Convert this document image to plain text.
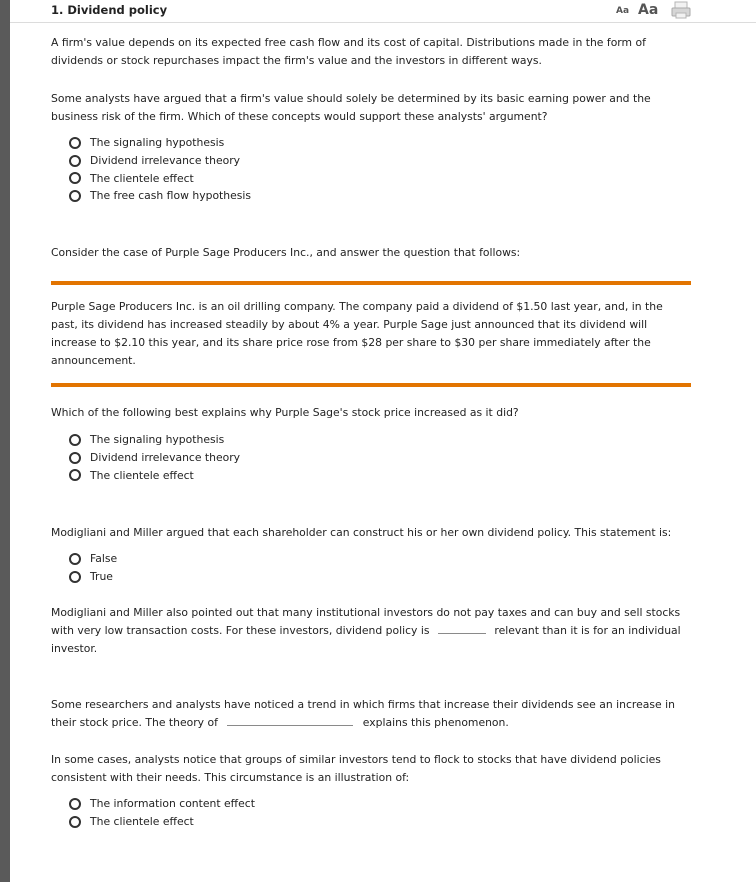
1. Dividend policy	Aa Aa
A firm's value depends on its expected free cash flow and its cost of capital. Distributions made in the form of dividends or stock repurchases impact the firm's value and the investors in different ways.
Some analysts have argued that a firm's value should solely be determined by its basic earning power and the business risk of the firm. Which of these concepts would support these analysts' argument?
The signaling hypothesis
Dividend irrelevance theory
The clientele effect
The free cash flow hypothesis
Consider the case of Purple Sage Producers Inc., and answer the question that follows:
Purple Sage Producers Inc. is an oil drilling company. The company paid a dividend of $1.50 last year, and, in the past, its dividend has increased steadily by about 4% a year. Purple Sage just announced that its dividend will increase to $2.10 this year, and its share price rose from $28 per share to $30 per share immediately after the announcement.
Which of the following best explains why Purple Sage's stock price increased as it did?
The signaling hypothesis
Dividend irrelevance theory
The clientele effect
Modigliani and Miller argued that each shareholder can construct his or her own dividend policy. This statement is:
False
True
Modigliani and Miller also pointed out that many institutional investors do not pay taxes and can buy and sell stocks with very low transaction costs. For these investors, dividend policy is	relevant than it is for an individual investor.
Some researchers and analysts have noticed a trend in which firms that increase their dividends see an increase in their stock price. The theory of	explains this phenomenon.
In some cases, analysts notice that groups of similar investors tend to flock to stocks that have dividend policies consistent with their needs. This circumstance is an illustration of:
The information content effect
The clientele effect
